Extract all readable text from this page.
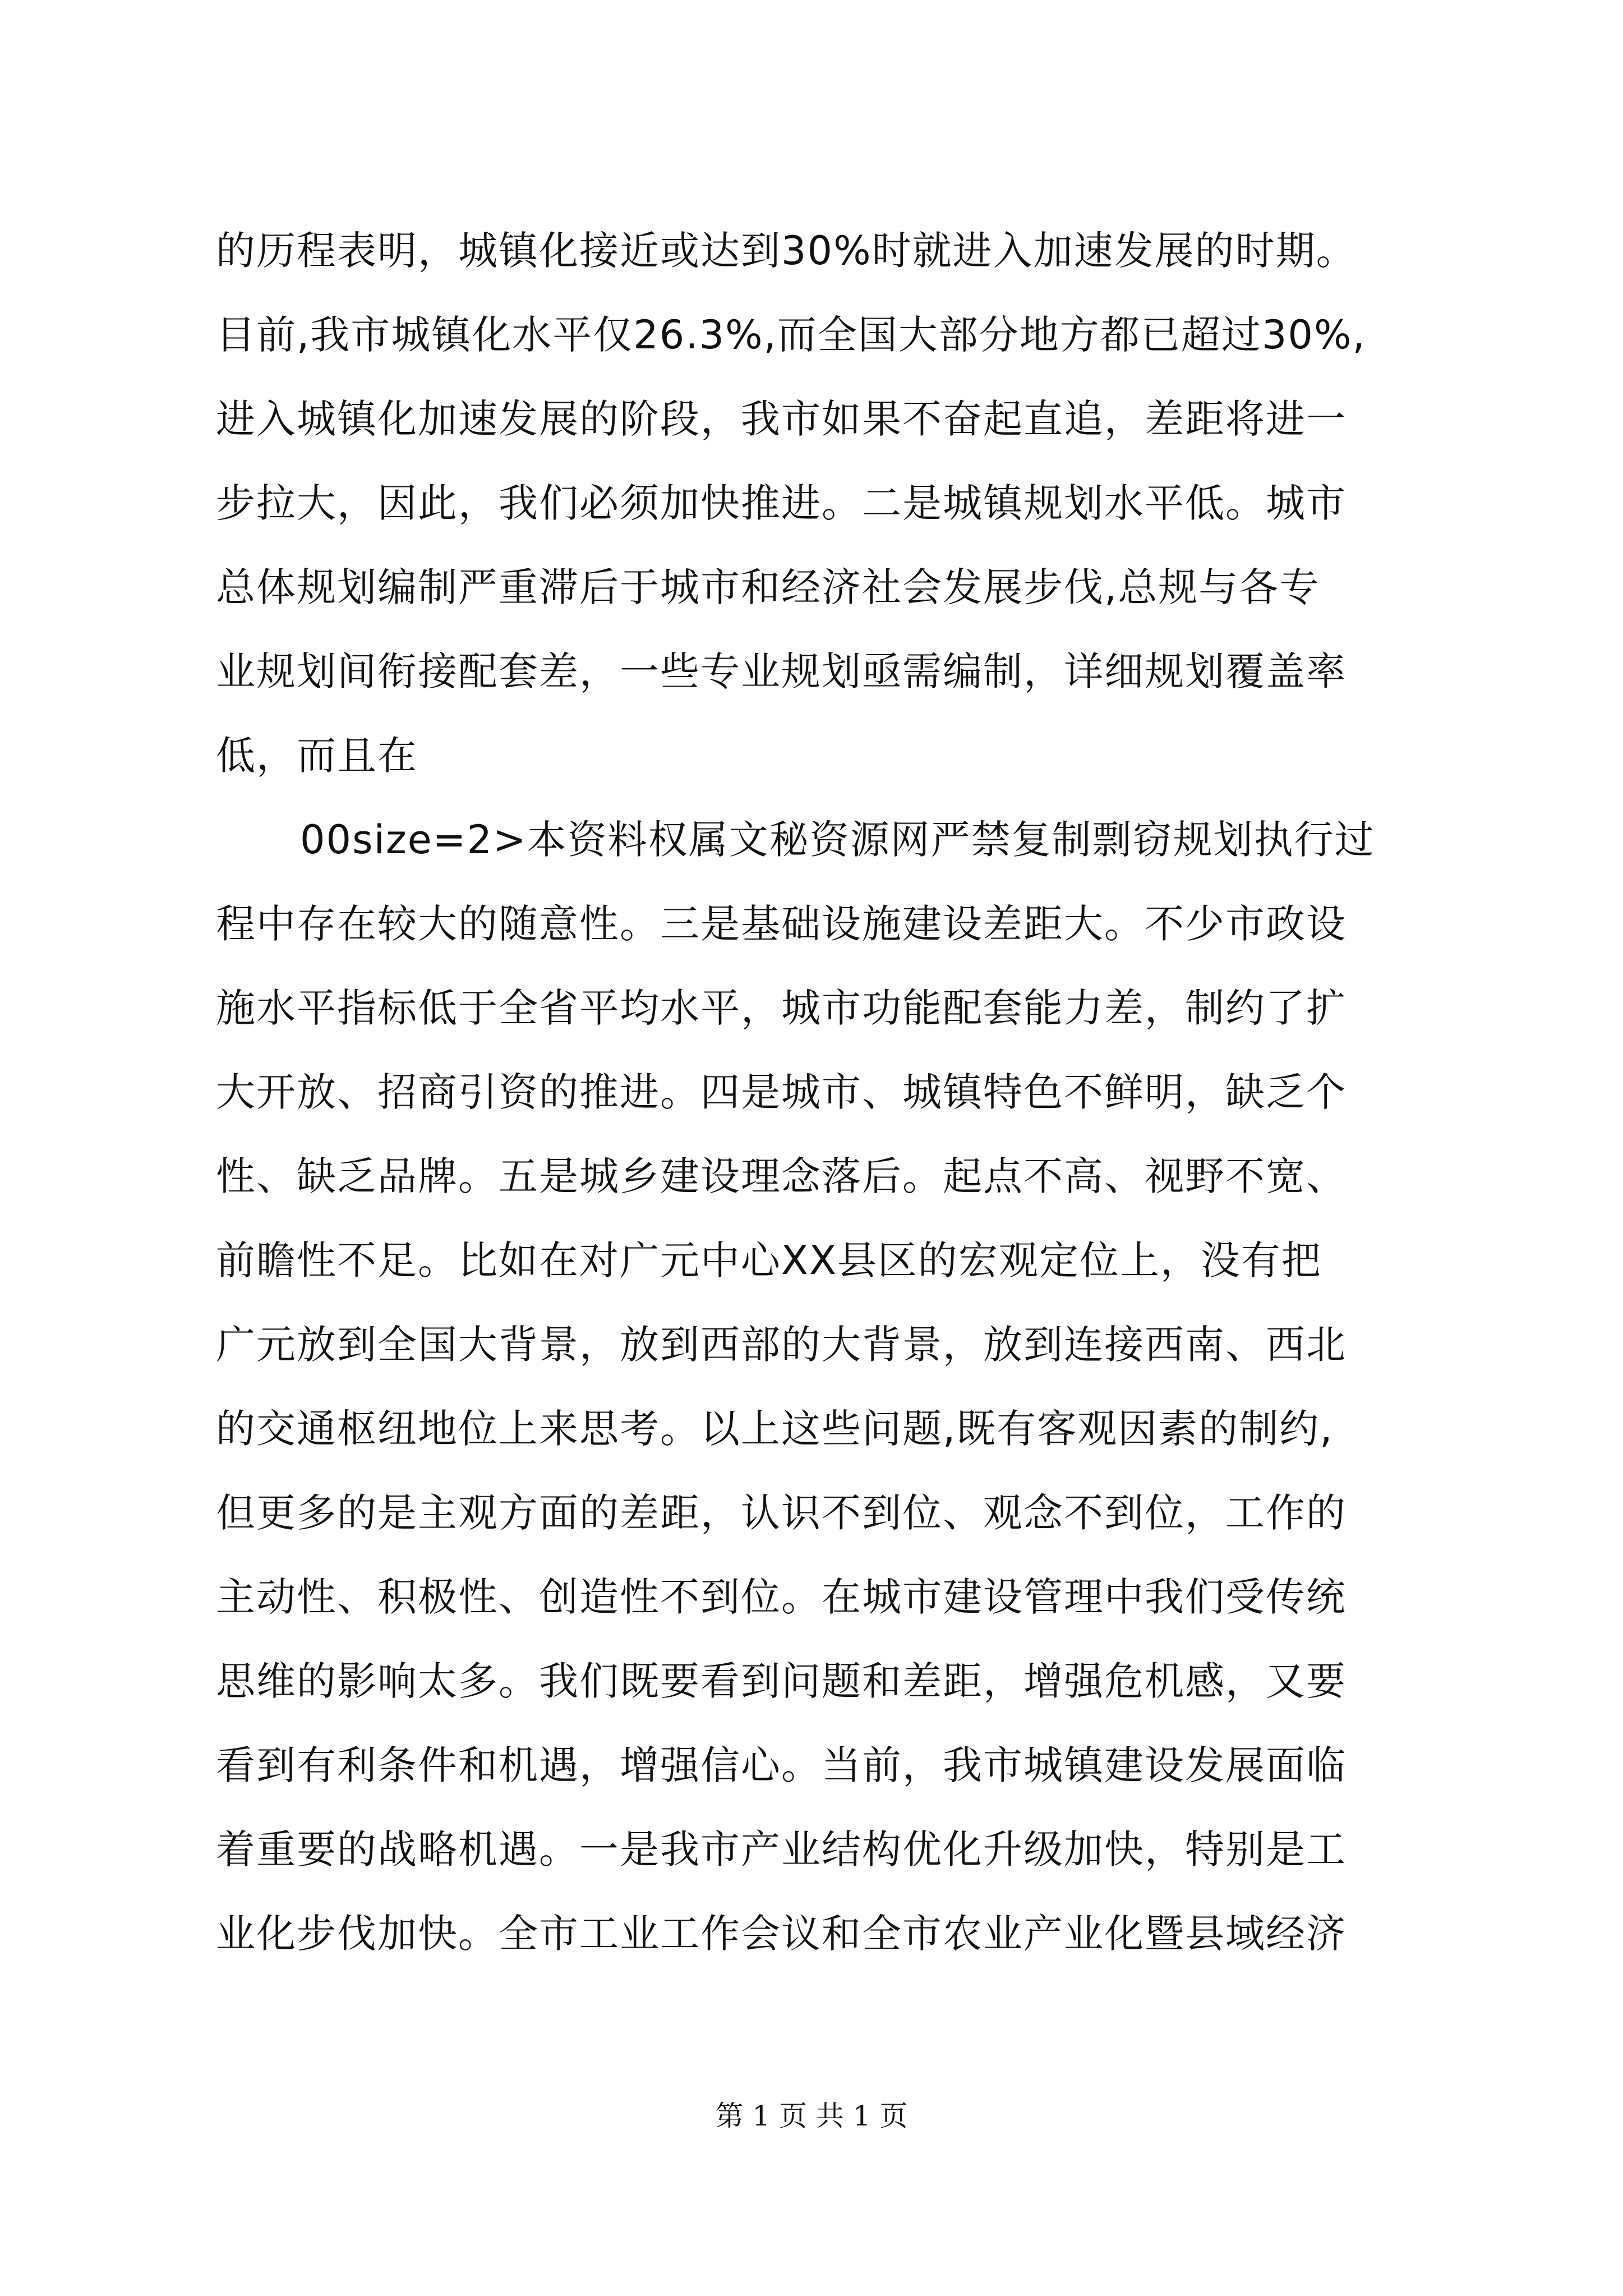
的历程表明，城镇化接近或达到30%时就进入加速发展的时期。
目前,我市城镇化水平仅26.3%,而全国大部分地方都已超过30%,
进入城镇化加速发展的阶段，我市如果不奋起直追，差距将进一
步拉大，因此，我们必须加快推进。二是城镇规划水平低。城市
总体规划编制严重滞后于城市和经济社会发展步伐,总规与各专
业规划间衔接配套差，一些专业规划亟需编制，详细规划覆盖率
低，而且在
00size=2>本资料权属文秘资源网严禁复制剽窃规划执行过
程中存在较大的随意性。三是基础设施建设差距大。不少市政设
施水平指标低于全省平均水平，城市功能配套能力差，制约了扩
大开放、招商引资的推进。四是城市、城镇特色不鲜明，缺乏个
性、缺乏品牌。五是城乡建设理念落后。起点不高、视野不宽、
前瞻性不足。比如在对广元中心XX县区的宏观定位上，没有把
广元放到全国大背景，放到西部的大背景，放到连接西南、西北
的交通枢纽地位上来思考。以上这些问题,既有客观因素的制约,
但更多的是主观方面的差距，认识不到位、观念不到位，工作的
主动性、积极性、创造性不到位。在城市建设管理中我们受传统
思维的影响太多。我们既要看到问题和差距，增强危机感，又要
看到有利条件和机遇，增强信心。当前，我市城镇建设发展面临
着重要的战略机遇。一是我市产业结构优化升级加快，特别是工
业化步伐加快。全市工业工作会议和全市农业产业化暨县域经济
第 1 页 共 1 页
